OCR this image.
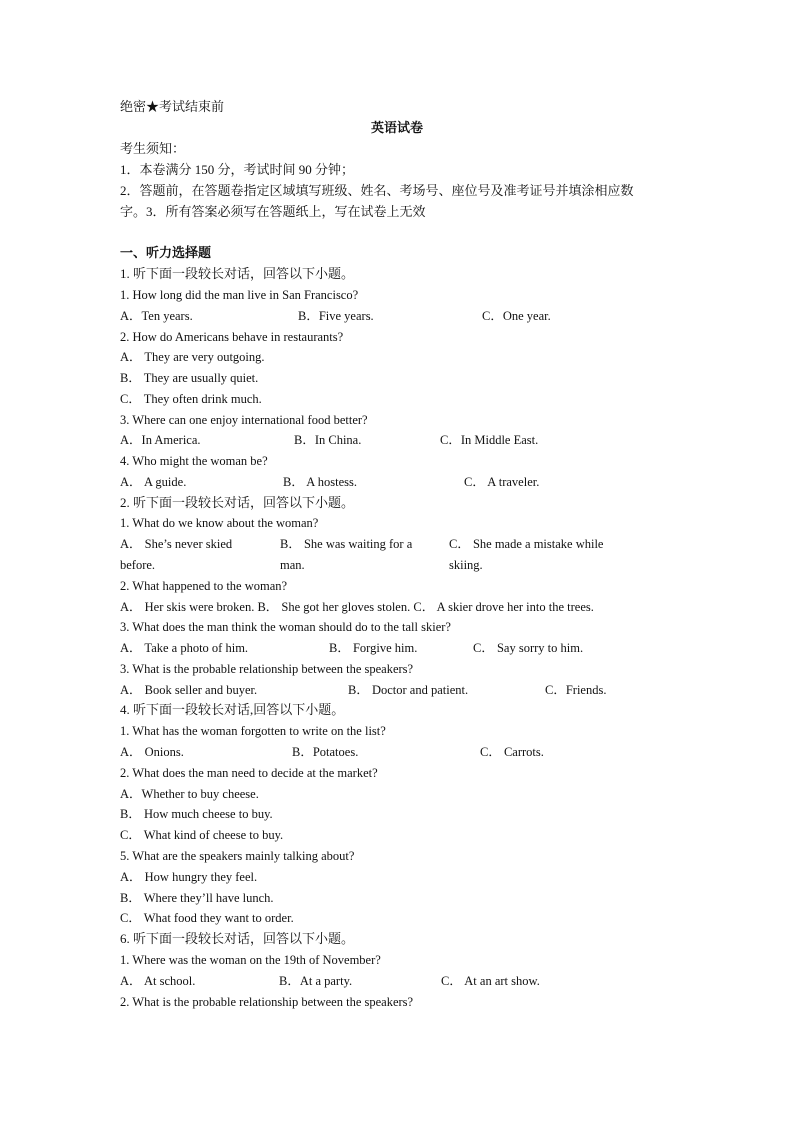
绝密★考试结束前
英语试卷
考生须知：
1．本卷满分 150 分，考试时间 90 分钟；
2．答题前，在答题卷指定区域填写班级、姓名、考场号、座位号及准考证号并填涂相应数
字。3．所有答案必须写在答题纸上，写在试卷上无效
一、听力选择题
1. 听下面一段较长对话，回答以下小题。
1. How long did the man live in San Francisco?
A．Ten years.	B．Five years.	C．One year.
2. How do Americans behave in restaurants?
A． They are very outgoing.
B． They are usually quiet.
C． They often drink much.
3. Where can one enjoy international food better?
A．In America.	B．In China.	C．In Middle East.
4. Who might the woman be?
A． A guide.	B． A hostess.	C． A traveler.
2. 听下面一段较长对话，回答以下小题。
1. What do we know about the woman?
A． She’s never skied
before.
B． She was waiting for a
man.
C． She made a mistake while
skiing.
2. What happened to the woman?
A． Her skis were broken. B． She got her gloves stolen. C． A skier drove her into the trees.
3. What does the man think the woman should do to the tall skier?
A． Take a photo of him.	B． Forgive him.	C． Say sorry to him.
3. What is the probable relationship between the speakers?
A． Book seller and buyer.	B． Doctor and patient.	C．Friends.
4. 听下面一段较长对话,回答以下小题。
1. What has the woman forgotten to write on the list?
A． Onions.	B．Potatoes.	C． Carrots.
2. What does the man need to decide at the market?
A．Whether to buy cheese.
B． How much cheese to buy.
C． What kind of cheese to buy.
5. What are the speakers mainly talking about?
A． How hungry they feel.
B． Where they’ll have lunch.
C． What food they want to order.
6. 听下面一段较长对话，回答以下小题。
1. Where was the woman on the 19th of November?
A． At school.	B．At a party.	C． At an art show.
2. What is the probable relationship between the speakers?
